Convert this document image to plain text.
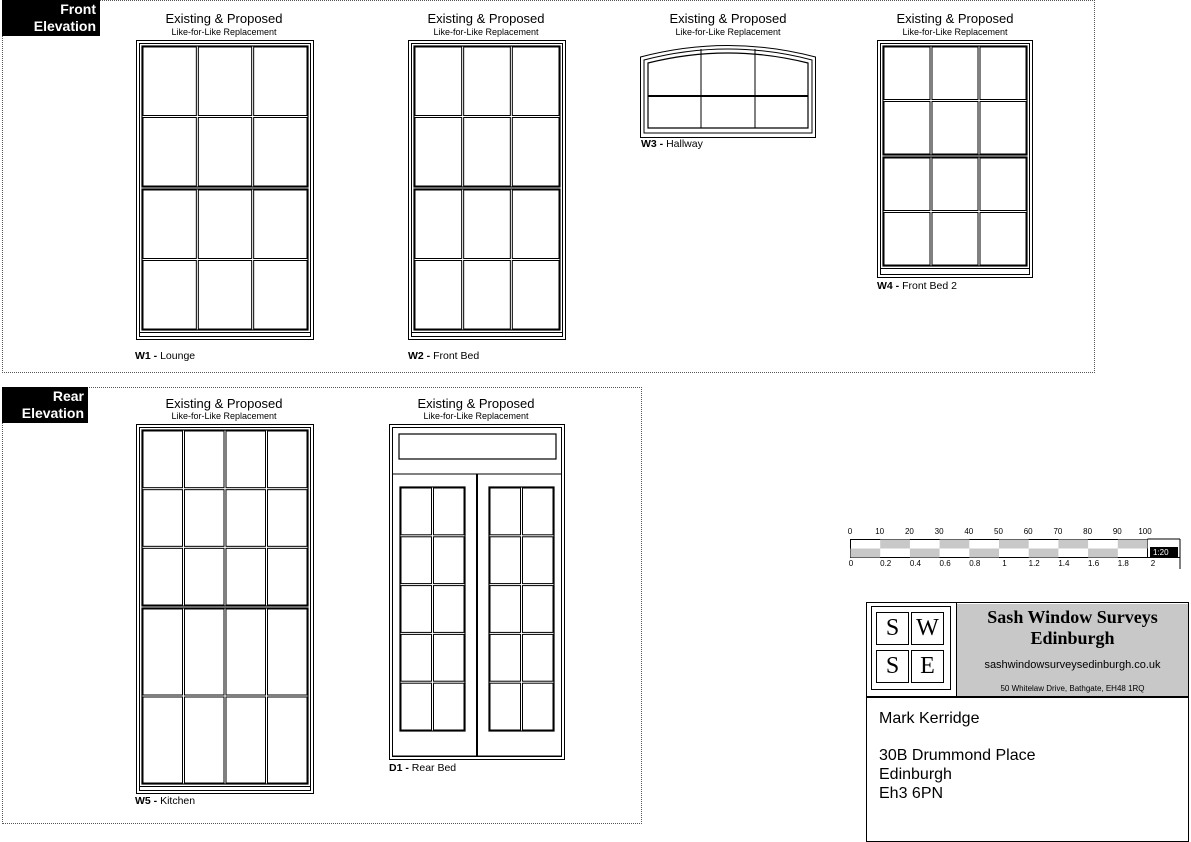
Front
Elevation	Existing & Proposed
Like-for-Like Replacement
W1 - Lounge
Existing & Proposed
Like-for-Like Replacement
W2 - Front Bed
Existing & Proposed
Like-for-Like Replacement
W3 - Hallway
Existing & Proposed
Like-for-Like Replacement
W4 - Front Bed 2
Rear
Elevation
Existing & Proposed
Like-for-Like Replacement
W5 - Kitchen
Existing & Proposed
Like-for-Like Replacement
D1 - Rear Bed
0	10	20	30	40	50	60	70	80	90 100
1:20
0	0.2 0.4 0.6 0.8	1	1.2 1.4 1.6 1.8	2
S W
S E
Sash Window Surveys
Edinburgh
sashwindowsurveysedinburgh.co.uk
50 Whitelaw Drive, Bathgate, EH48 1RQ
Mark Kerridge
30B Drummond Place
Edinburgh
Eh3 6PN
